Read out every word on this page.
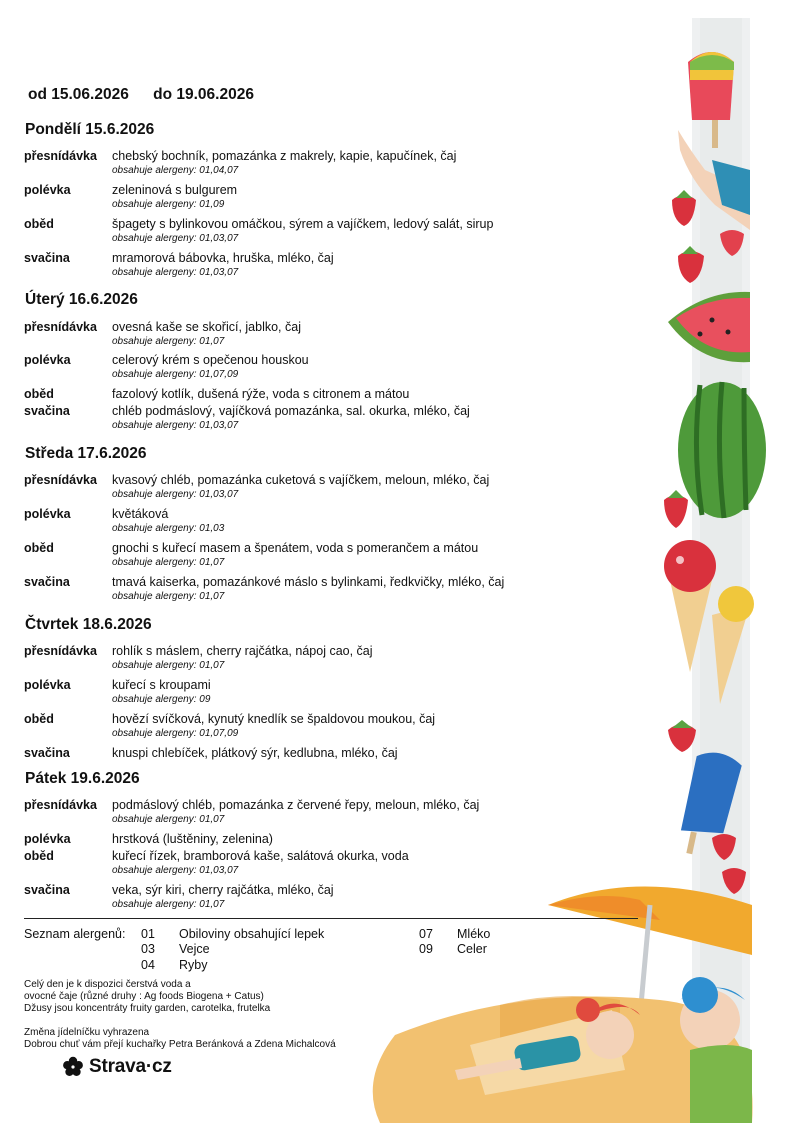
od 15.06.2026 do 19.06.2026
Pondělí 15.6.2026
přesnídávka chebský bochník, pomazánka z makrely, kapie, kapučínek, čaj
obsahuje alergeny: 01,04,07
polévka	zeleninová s bulgurem
obsahuje alergeny: 01,09
oběd	špagety s bylinkovou omáčkou, sýrem a vajíčkem, ledový salát, sirup
obsahuje alergeny: 01,03,07
svačina	mramorová bábovka, hruška, mléko, čaj
obsahuje alergeny: 01,03,07
Úterý 16.6.2026
přesnídávka ovesná kaše se skořicí, jablko, čaj
obsahuje alergeny: 01,07
polévka	celerový krém s opečenou houskou
obsahuje alergeny: 01,07,09
oběd	fazolový kotlík, dušená rýže, voda s citronem a mátou
svačina	chléb podmáslový, vajíčková pomazánka, sal. okurka, mléko, čaj
obsahuje alergeny: 01,03,07
Středa 17.6.2026
přesnídávka kvasový chléb, pomazánka cuketová s vajíčkem, meloun, mléko, čaj
obsahuje alergeny: 01,03,07
polévka	květáková
obsahuje alergeny: 01,03
oběd	gnochi s kuřecí masem a špenátem, voda s pomerančem a mátou
obsahuje alergeny: 01,07
svačina	tmavá kaiserka, pomazánkové máslo s bylinkami, ředkvičky, mléko, čaj
obsahuje alergeny: 01,07
Čtvrtek 18.6.2026
přesnídávka rohlík s máslem, cherry rajčátka, nápoj cao, čaj
obsahuje alergeny: 01,07
polévka	kuřecí s kroupami
obsahuje alergeny: 09
oběd	hovězí svíčková, kynutý knedlík se špaldovou moukou, čaj
obsahuje alergeny: 01,07,09
svačina	knuspi chlebíček, plátkový sýr, kedlubna, mléko, čaj
Pátek 19.6.2026
přesnídávka podmáslový chléb, pomazánka z červené řepy, meloun, mléko, čaj
obsahuje alergeny: 01,07
polévka	hrstková (luštěniny, zelenina)
oběd	kuřecí řízek, bramborová kaše, salátová okurka, voda
obsahuje alergeny: 01,03,07
svačina	veka, sýr kiri, cherry rajčátka, mléko, čaj
obsahuje alergeny: 01,07
Seznam alergenů: 01 Obiloviny obsahující lepek
03 Vejce
04 Ryby
07 Mléko
09 Celer
Celý den je k dispozici čerstvá voda a
ovocné čaje (různé druhy : Ag foods Biogena + Catus)
Džusy jsou koncentráty fruity garden, carotelka, frutelka
Změna jídelníčku vyhrazena
Dobrou chuť vám přejí kuchařky Petra Beránková a Zdena Michalcová
Strava·cz
